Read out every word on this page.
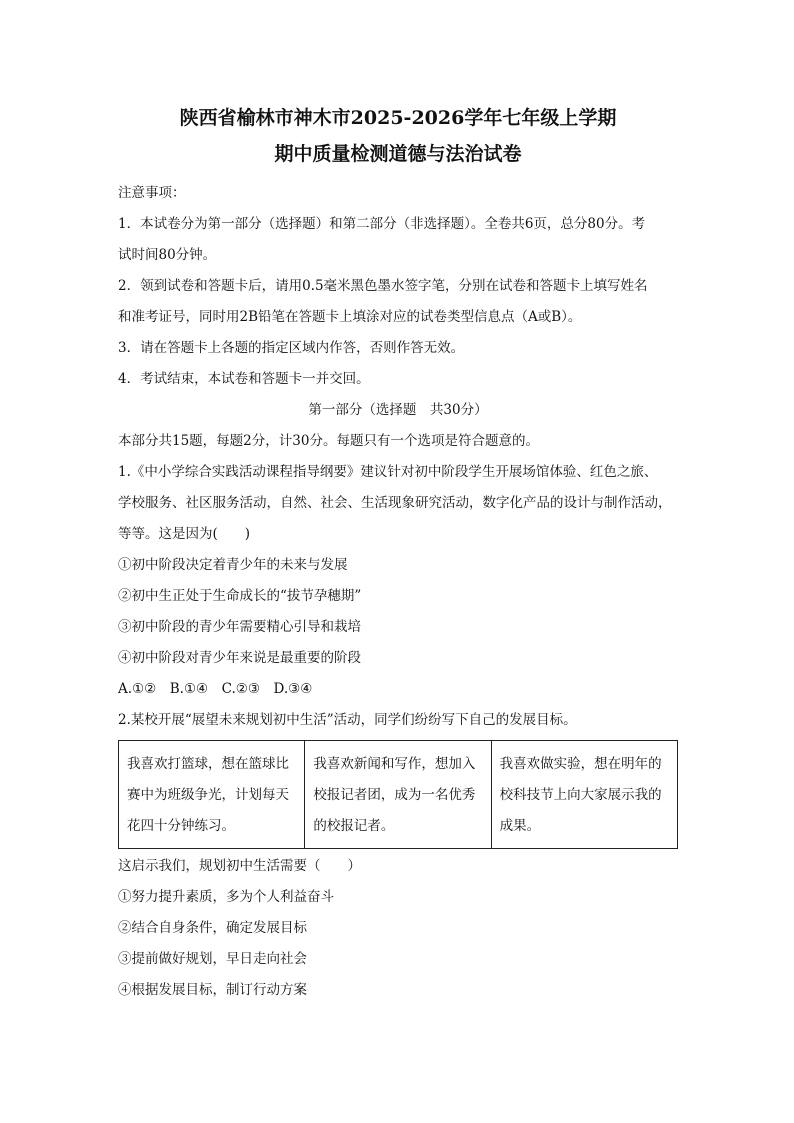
陕西省榆林市神木市2025-2026学年七年级上学期

期中质量检测道德与法治试卷

注意事项：

1．本试卷分为第一部分（选择题）和第二部分（非选择题）。全卷共6页，总分80分。考

试时间80分钟。

2．领到试卷和答题卡后，请用0.5毫米黑色墨水签字笔，分别在试卷和答题卡上填写姓名

和准考证号，同时用2B铅笔在答题卡上填涂对应的试卷类型信息点（A或B）。

3．请在答题卡上各题的指定区域内作答，否则作答无效。

4．考试结束，本试卷和答题卡一并交回。

第一部分（选择题　共30分）

本部分共15题，每题2分，计30分。每题只有一个选项是符合题意的。

1.《中小学综合实践活动课程指导纲要》建议针对初中阶段学生开展场馆体验、红色之旅、

学校服务、社区服务活动，自然、社会、生活现象研究活动，数字化产品的设计与制作活动，

等等。这是因为(　　)

①初中阶段决定着青少年的未来与发展

②初中生正处于生命成长的“拔节孕穗期”

③初中阶段的青少年需要精心引导和栽培

④初中阶段对青少年来说是最重要的阶段

A.①②　B.①④　C.②③　D.③④

2.某校开展“展望未来规划初中生活”活动，同学们纷纷写下自己的发展目标。

我喜欢打篮球，想在篮球比赛中为班级争光，计划每天花四十分钟练习。	我喜欢新闻和写作，想加入校报记者团，成为一名优秀的校报记者。	我喜欢做实验，想在明年的校科技节上向大家展示我的成果。

这启示我们，规划初中生活需要（　　）

①努力提升素质，多为个人利益奋斗

②结合自身条件，确定发展目标

③提前做好规划，早日走向社会

④根据发展目标，制订行动方案
